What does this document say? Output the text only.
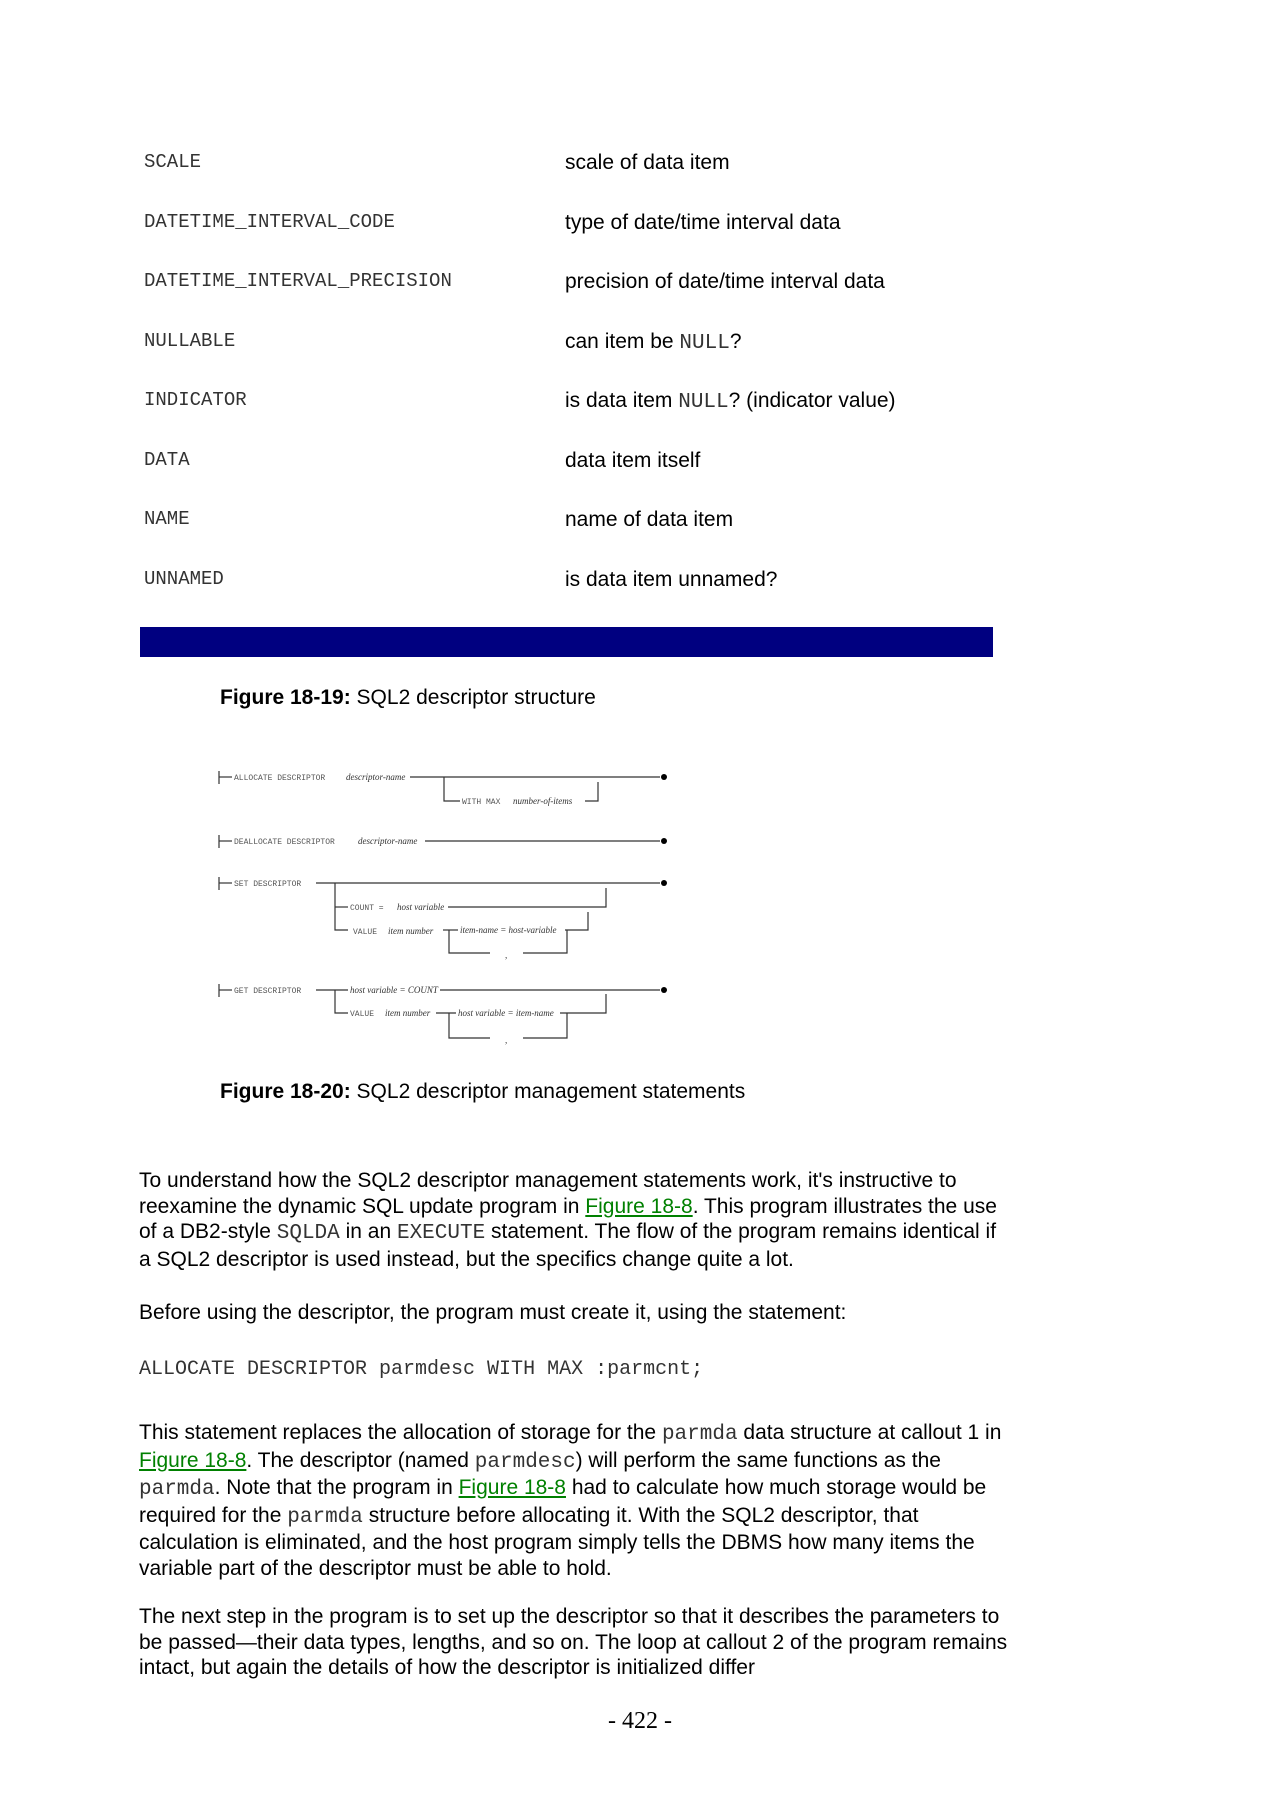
SCALE	scale of data item
DATETIME_INTERVAL_CODE	type of date/time interval data
DATETIME_INTERVAL_PRECISION	precision of date/time interval data
NULLABLE	can item be NULL?
INDICATOR	is data item NULL? (indicator value)
DATA	data item itself
NAME	name of data item
UNNAMED	is data item unnamed?
Figure 18-19: SQL2 descriptor structure
ALLOCATE DESCRIPTOR descriptor-name
WITH MAX number-of-items
DEALLOCATE DESCRIPTOR	descriptor-name
SET DESCRIPTOR
COUNT = host variable
VALUE item number	item-name = host-variable
,
GET DESCRIPTOR	host variable = COUNT
VALUE item number	host variable = item-name
,
Figure 18-20: SQL2 descriptor management statements
To understand how the SQL2 descriptor management statements work, it's instructive to reexamine the dynamic SQL update program in Figure 18-8. This program illustrates the use of a DB2-style SQLDA in an EXECUTE statement. The flow of the program remains identical if a SQL2 descriptor is used instead, but the specifics change quite a lot.
Before using the descriptor, the program must create it, using the statement:
ALLOCATE DESCRIPTOR parmdesc WITH MAX :parmcnt;
This statement replaces the allocation of storage for the parmda data structure at callout 1 in Figure 18-8. The descriptor (named parmdesc) will perform the same functions as the parmda. Note that the program in Figure 18-8 had to calculate how much storage would be required for the parmda structure before allocating it. With the SQL2 descriptor, that calculation is eliminated, and the host program simply tells the DBMS how many items the variable part of the descriptor must be able to hold.
The next step in the program is to set up the descriptor so that it describes the parameters to be passed—their data types, lengths, and so on. The loop at callout 2 of the program remains intact, but again the details of how the descriptor is initialized differ
- 422 -
